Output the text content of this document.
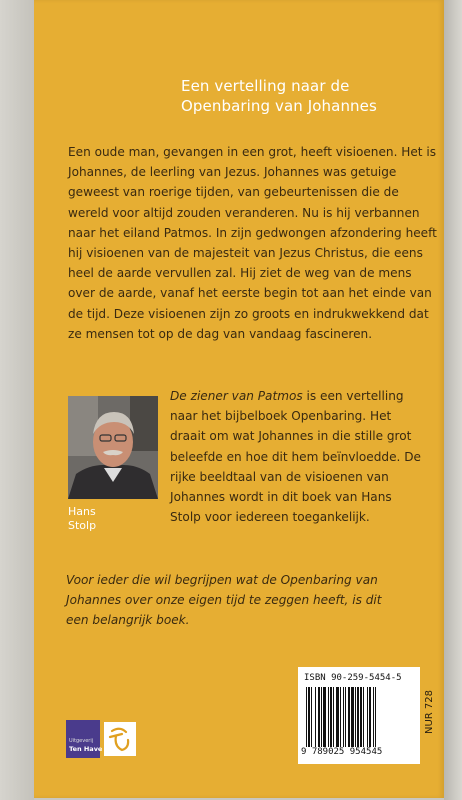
Een vertelling naar de
Openbaring van Johannes
Een oude man, gevangen in een grot, heeft visioenen. Het is
Johannes, de leerling van Jezus. Johannes was getuige
geweest van roerige tijden, van gebeurtenissen die de
wereld voor altijd zouden veranderen. Nu is hij verbannen
naar het eiland Patmos. In zijn gedwongen afzondering heeft
hij visioenen van de majesteit van Jezus Christus, die eens
heel de aarde vervullen zal. Hij ziet de weg van de mens
over de aarde, vanaf het eerste begin tot aan het einde van
de tijd. Deze visioenen zijn zo groots en indrukwekkend dat
ze mensen tot op de dag van vandaag fascineren.
Hans
Stolp
De ziener van Patmos is een vertelling
naar het bijbelboek Openbaring. Het
draait om wat Johannes in die stille grot
beleefde en hoe dit hem beïnvloedde. De
rijke beeldtaal van de visioenen van
Johannes wordt in dit boek van Hans
Stolp voor iedereen toegankelijk.
Voor ieder die wil begrijpen wat de Openbaring van
Johannes over onze eigen tijd te zeggen heeft, is dit
een belangrijk boek.
ISBN 90-259-5454-5
9 789025 954545
NUR 728
Uitgeverij
Ten Have
